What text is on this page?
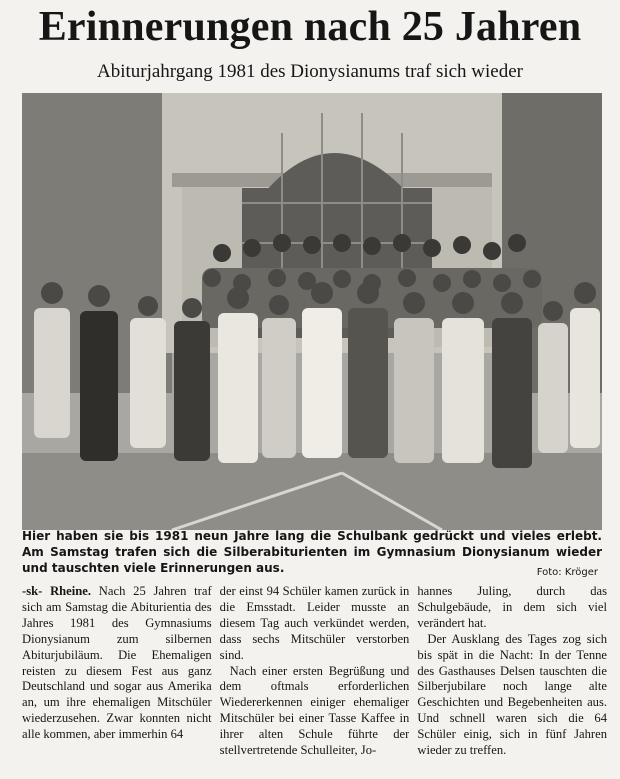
Erinnerungen nach 25 Jahren
Abiturjahrgang 1981 des Dionysianums traf sich wieder
Hier haben sie bis 1981 neun Jahre lang die Schulbank gedrückt und vieles erlebt. Am Samstag trafen sich die Silberabiturienten im Gymnasium Dionysianum wieder und tauschten viele Erinnerungen aus.	Foto: Kröger

-sk- Rheine. Nach 25 Jahren traf sich am Samstag die Abiturientia des Jahres 1981 des Gymnasiums Dionysianum zum silbernen Abiturjubiläum. Die Ehemaligen reisten zu diesem Fest aus ganz Deutschland und sogar aus Amerika an, um ihre ehemaligen Mitschüler wiederzusehen. Zwar konnten nicht alle kommen, aber immerhin 64

der einst 94 Schüler kamen zurück in die Emsstadt. Leider musste an diesem Tag auch verkündet werden, dass sechs Mitschüler verstorben sind.

Nach einer ersten Begrüßung und dem oftmals erforderlichen Wiedererkennen einiger ehemaliger Mitschüler bei einer Tasse Kaffee in ihrer alten Schule führte der stellvertretende Schulleiter, Jo-

hannes Juling, durch das Schulgebäude, in dem sich viel verändert hat.

Der Ausklang des Tages zog sich bis spät in die Nacht: In der Tenne des Gasthauses Delsen tauschten die Silberjubilare noch lange alte Geschichten und Begebenheiten aus. Und schnell waren sich die 64 Schüler einig, sich in fünf Jahren wieder zu treffen.
